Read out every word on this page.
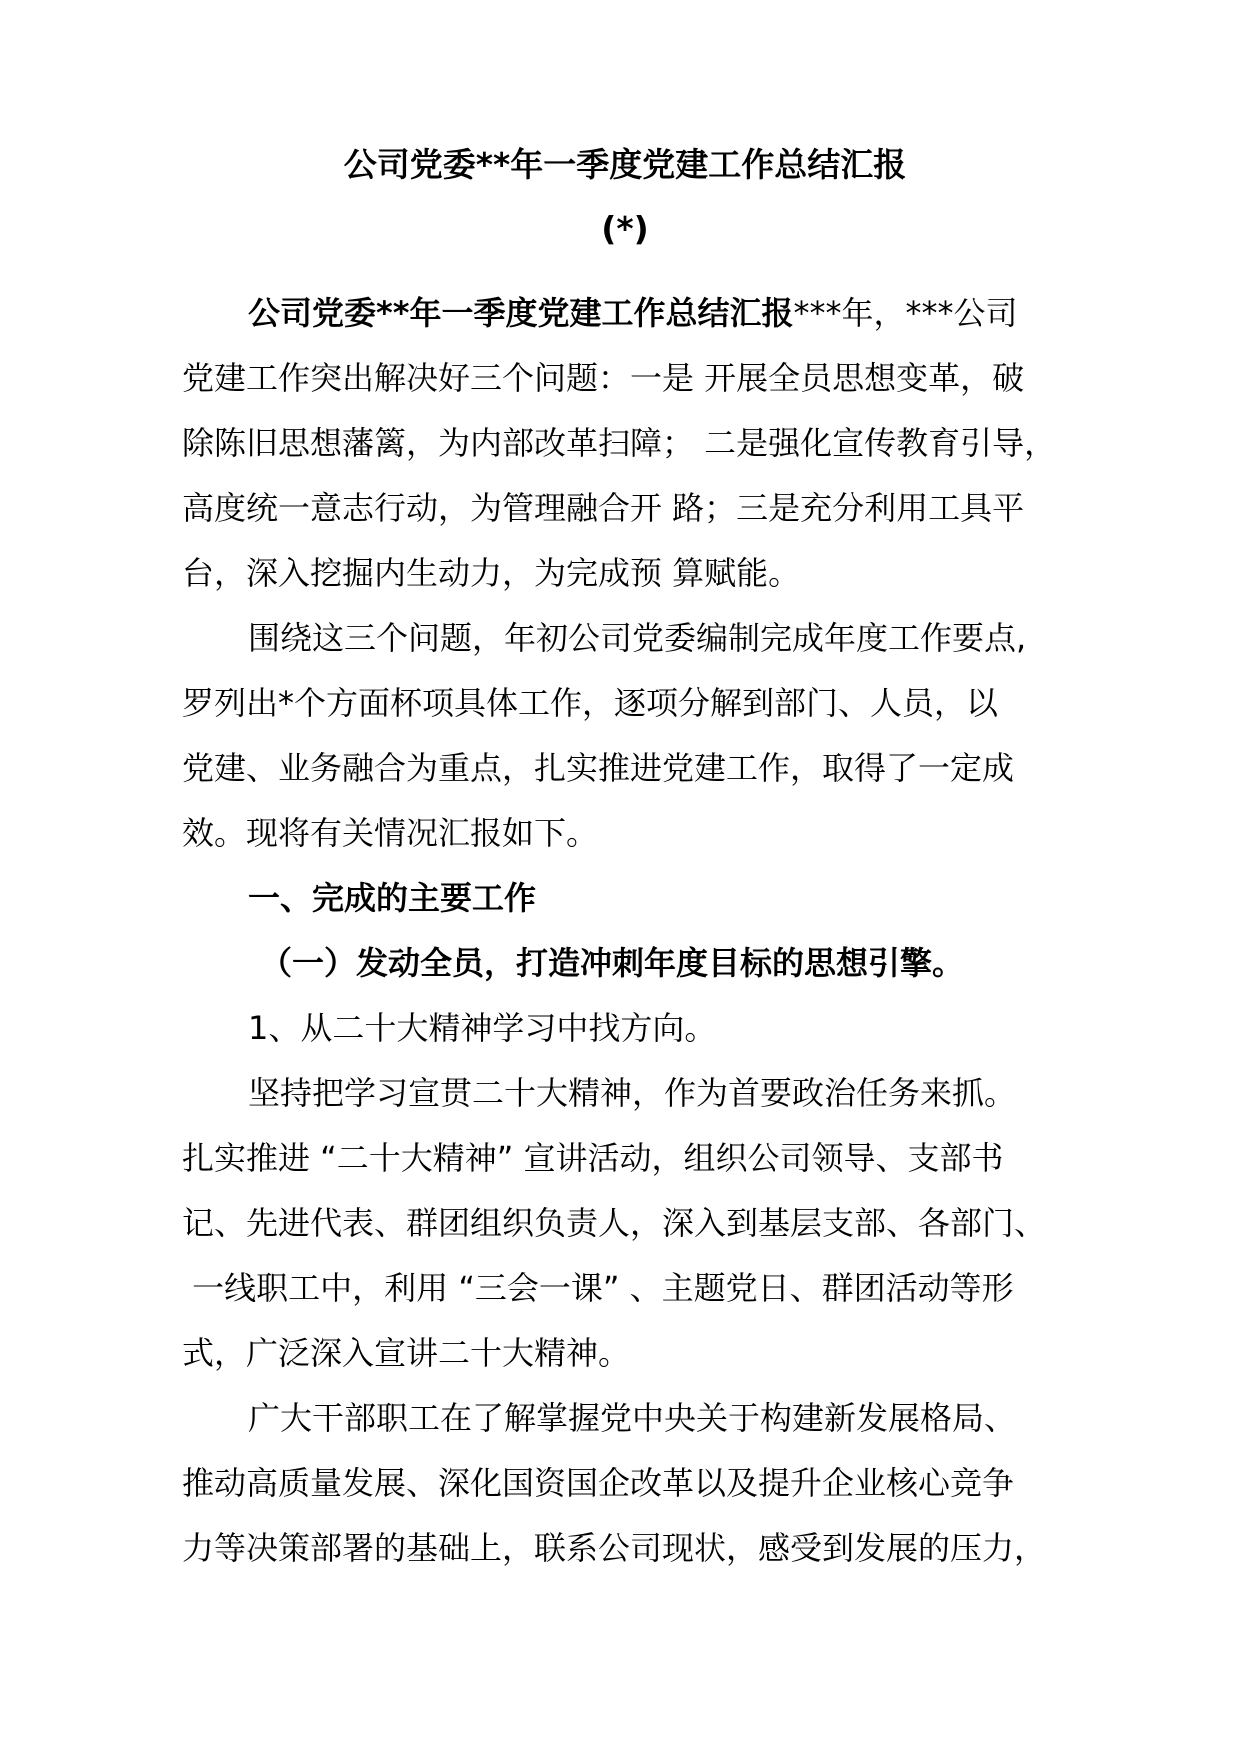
公司党委**年一季度党建工作总结汇报
(*)
公司党委**年一季度党建工作总结汇报***年，***公司
党建工作突出解决好三个问题：一是 开展全员思想变革，破
除陈旧思想藩篱，为内部改革扫障； 二是强化宣传教育引导，
高度统一意志行动，为管理融合开 路；三是充分利用工具平
台，深入挖掘内生动力，为完成预 算赋能。
围绕这三个问题，年初公司党委编制完成年度工作要点,
罗列出*个方面杯项具体工作，逐项分解到部门、人员，以
党建、业务融合为重点，扎实推进党建工作，取得了一定成
效。现将有关情况汇报如下。
一、完成的主要工作
（一）发动全员，打造冲刺年度目标的思想引擎。
1、从二十大精神学习中找方向。
坚持把学习宣贯二十大精神，作为首要政治任务来抓。
扎实推进 “二十大精神” 宣讲活动，组织公司领导、支部书
记、先进代表、群团组织负责人，深入到基层支部、各部门、
一线职工中，利用 “三会一课” 、主题党日、群团活动等形
式，广泛深入宣讲二十大精神。
广大干部职工在了解掌握党中央关于构建新发展格局、
推动高质量发展、深化国资国企改革以及提升企业核心竞争
力等决策部署的基础上，联系公司现状，感受到发展的压力，
